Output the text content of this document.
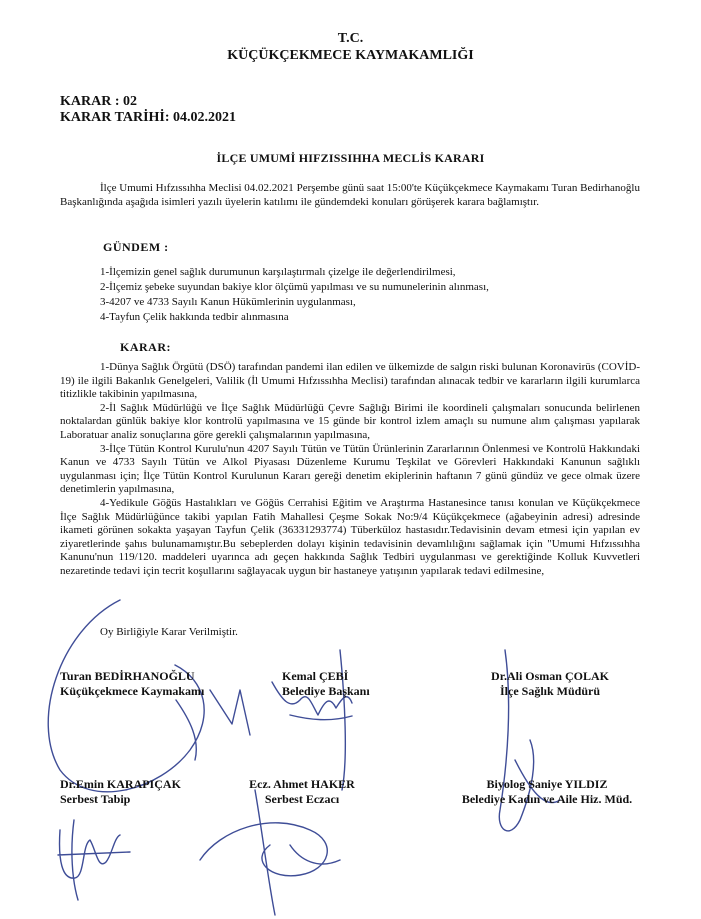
T.C.
KÜÇÜKÇEKMECE KAYMAKAMLIĞI
KARAR : 02
KARAR TARİHİ: 04.02.2021
İLÇE UMUMİ HIFZISSIHHA MECLİS KARARI

İlçe Umumi Hıfzıssıhha Meclisi 04.02.2021 Perşembe günü saat 15:00'te Küçükçekmece Kaymakamı Turan Bedirhanoğlu Başkanlığında aşağıda isimleri yazılı üyelerin katılımı ile gündemdeki konuları görüşerek karara bağlamıştır.

GÜNDEM :
1-İlçemizin genel sağlık durumunun karşılaştırmalı çizelge ile değerlendirilmesi,
2-İlçemiz şebeke suyundan bakiye klor ölçümü yapılması ve su numunelerinin alınması,
3-4207 ve 4733 Sayılı Kanun Hükümlerinin uygulanması,
4-Tayfun Çelik hakkında tedbir alınmasına
KARAR:

1-Dünya Sağlık Örgütü (DSÖ) tarafından pandemi ilan edilen ve ülkemizde de salgın riski bulunan Koronavirüs (COVİD-19) ile ilgili Bakanlık Genelgeleri, Valilik (İl Umumi Hıfzıssıhha Meclisi) tarafından alınacak tedbir ve kararların ilgili kurumlarca titizlikle takibinin yapılmasına,

2-İl Sağlık Müdürlüğü ve İlçe Sağlık Müdürlüğü Çevre Sağlığı Birimi ile koordineli çalışmaları sonucunda belirlenen noktalardan günlük bakiye klor kontrolü yapılmasına ve 15 günde bir kontrol izlem amaçlı su numune alım çalışması yapılarak Laboratuar analiz sonuçlarına göre gerekli çalışmalarının yapılmasına,

3-İlçe Tütün Kontrol Kurulu'nun 4207 Sayılı Tütün ve Tütün Ürünlerinin Zararlarının Önlenmesi ve Kontrolü Hakkındaki Kanun ve 4733 Sayılı Tütün ve Alkol Piyasası Düzenleme Kurumu Teşkilat ve Görevleri Hakkındaki Kanunun sağlıklı uygulanması için; İlçe Tütün Kontrol Kurulunun Kararı gereği denetim ekiplerinin haftanın 7 günü gündüz ve gece olmak üzere denetimlerin yapılmasına,

4-Yedikule Göğüs Hastalıkları ve Göğüs Cerrahisi Eğitim ve Araştırma Hastanesince tanısı konulan ve Küçükçekmece İlçe Sağlık Müdürlüğünce takibi yapılan Fatih Mahallesi Çeşme Sokak No:9/4 Küçükçekmece (ağabeyinin adresi) adresinde ikameti görünen sokakta yaşayan Tayfun Çelik (36331293774) Tüberküloz hastasıdır.Tedavisinin devam etmesi için yapılan ev ziyaretlerinde şahıs bulunamamıştır.Bu sebeplerden dolayı kişinin tedavisinin devamlılığını sağlamak için "Umumi Hıfzıssıhha Kanunu'nun 119/120. maddeleri uyarınca adı geçen hakkında Sağlık Tedbiri uygulanması ve gerektiğinde Kolluk Kuvvetleri nezaretinde tedavi için tecrit koşullarını sağlayacak uygun bir hastaneye yatışının yapılarak tedavi edilmesine,

Oy Birliğiyle Karar Verilmiştir.
Turan BEDİRHANOĞLU
Küçükçekmece Kaymakamı
Kemal ÇEBİ
Belediye Başkanı
Dr.Ali Osman ÇOLAK
İlçe Sağlık Müdürü
Dr.Emin KARAPIÇAK
Serbest Tabip
Ecz. Ahmet HAKER
Serbest Eczacı
Biyolog Saniye YILDIZ
Belediye Kadın ve Aile Hiz. Müd.
